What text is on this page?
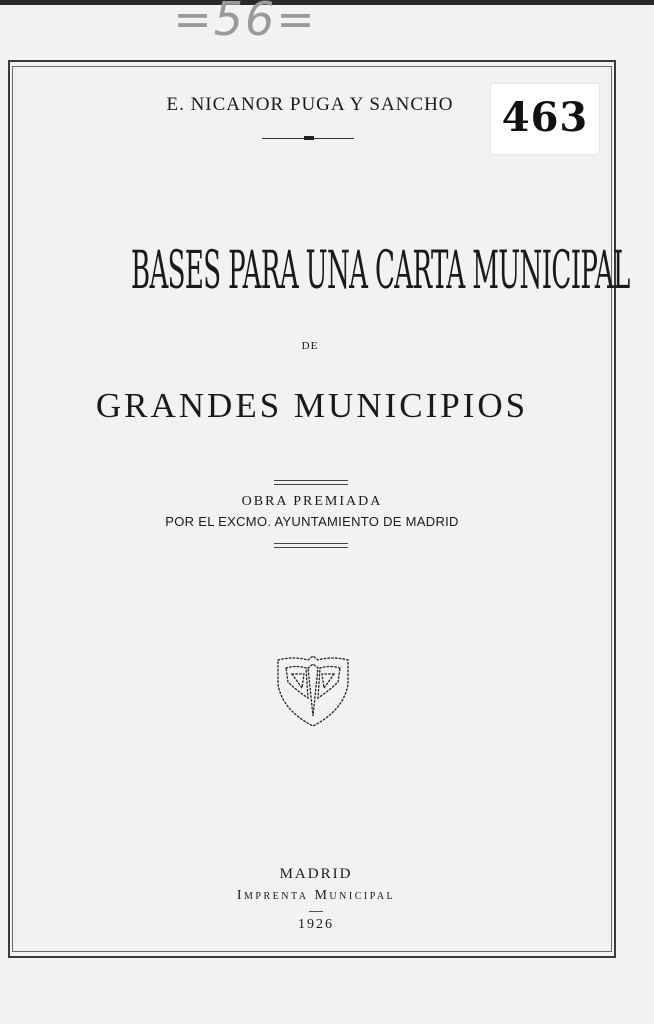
=56=
E. NICANOR PUGA Y SANCHO	463
BASES PARA UNA CARTA MUNICIPAL
DE
GRANDES MUNICIPIOS
OBRA PREMIADA
POR EL EXCMO. AYUNTAMIENTO DE MADRID
MADRID
Imprenta Municipal
1926
